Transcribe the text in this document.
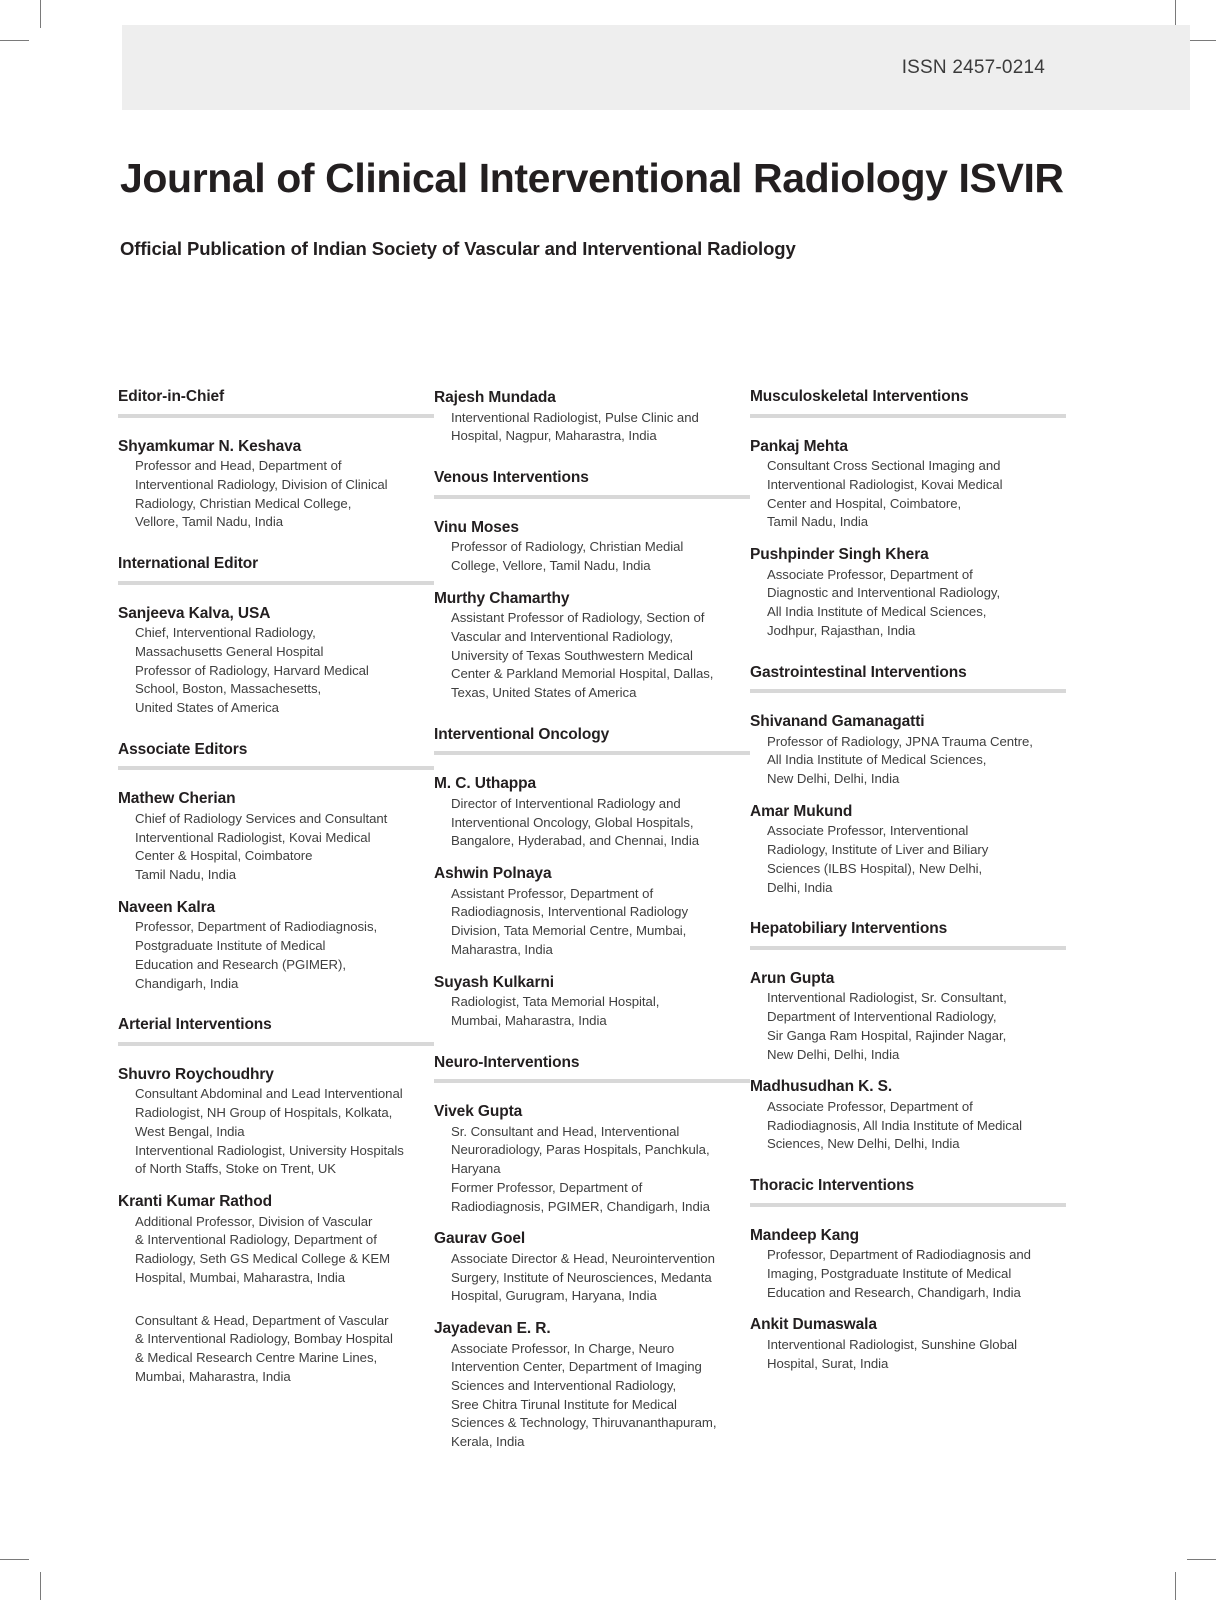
ISSN 2457-0214
Journal of Clinical Interventional Radiology ISVIR

Official Publication of Indian Society of Vascular and Interventional Radiology

Editor-in-Chief
Shyamkumar N. Keshava
Professor and Head, Department of
Interventional Radiology, Division of Clinical
Radiology, Christian Medical College,
Vellore, Tamil Nadu, India
International Editor
Sanjeeva Kalva, USA
Chief, Interventional Radiology,
Massachusetts General Hospital
Professor of Radiology, Harvard Medical
School, Boston, Massachesetts,
United States of America
Associate Editors
Mathew Cherian
Chief of Radiology Services and Consultant
Interventional Radiologist, Kovai Medical
Center & Hospital, Coimbatore
Tamil Nadu, India
Naveen Kalra
Professor, Department of Radiodiagnosis,
Postgraduate Institute of Medical
Education and Research (PGIMER),
Chandigarh, India
Arterial Interventions
Shuvro Roychoudhry
Consultant Abdominal and Lead Interventional
Radiologist, NH Group of Hospitals, Kolkata,
West Bengal, India
Interventional Radiologist, University Hospitals
of North Staffs, Stoke on Trent, UK
Kranti Kumar Rathod
Additional Professor, Division of Vascular
& Interventional Radiology, Department of
Radiology, Seth GS Medical College & KEM
Hospital, Mumbai, Maharastra, India
Consultant & Head, Department of Vascular
& Interventional Radiology, Bombay Hospital
& Medical Research Centre Marine Lines,
Mumbai, Maharastra, India
Rajesh Mundada
Interventional Radiologist, Pulse Clinic and
Hospital, Nagpur, Maharastra, India
Venous Interventions
Vinu Moses
Professor of Radiology, Christian Medial
College, Vellore, Tamil Nadu, India
Murthy Chamarthy
Assistant Professor of Radiology, Section of
Vascular and Interventional Radiology,
University of Texas Southwestern Medical
Center & Parkland Memorial Hospital, Dallas,
Texas, United States of America
Interventional Oncology
M. C. Uthappa
Director of Interventional Radiology and
Interventional Oncology, Global Hospitals,
Bangalore, Hyderabad, and Chennai, India
Ashwin Polnaya
Assistant Professor, Department of
Radiodiagnosis, Interventional Radiology
Division, Tata Memorial Centre, Mumbai,
Maharastra, India
Suyash Kulkarni
Radiologist, Tata Memorial Hospital,
Mumbai, Maharastra, India
Neuro-Interventions
Vivek Gupta
Sr. Consultant and Head, Interventional
Neuroradiology, Paras Hospitals, Panchkula,
Haryana
Former Professor, Department of
Radiodiagnosis, PGIMER, Chandigarh, India
Gaurav Goel
Associate Director & Head, Neurointervention
Surgery, Institute of Neurosciences, Medanta
Hospital, Gurugram, Haryana, India
Jayadevan E. R.
Associate Professor, In Charge, Neuro
Intervention Center, Department of Imaging
Sciences and Interventional Radiology,
Sree Chitra Tirunal Institute for Medical
Sciences & Technology, Thiruvananthapuram,
Kerala, India
Musculoskeletal Interventions
Pankaj Mehta
Consultant Cross Sectional Imaging and
Interventional Radiologist, Kovai Medical
Center and Hospital, Coimbatore,
Tamil Nadu, India
Pushpinder Singh Khera
Associate Professor, Department of
Diagnostic and Interventional Radiology,
All India Institute of Medical Sciences,
Jodhpur, Rajasthan, India
Gastrointestinal Interventions
Shivanand Gamanagatti
Professor of Radiology, JPNA Trauma Centre,
All India Institute of Medical Sciences,
New Delhi, Delhi, India
Amar Mukund
Associate Professor, Interventional
Radiology, Institute of Liver and Biliary
Sciences (ILBS Hospital), New Delhi,
Delhi, India
Hepatobiliary Interventions
Arun Gupta
Interventional Radiologist, Sr. Consultant,
Department of Interventional Radiology,
Sir Ganga Ram Hospital, Rajinder Nagar,
New Delhi, Delhi, India
Madhusudhan K. S.
Associate Professor, Department of
Radiodiagnosis, All India Institute of Medical
Sciences, New Delhi, Delhi, India
Thoracic Interventions
Mandeep Kang
Professor, Department of Radiodiagnosis and
Imaging, Postgraduate Institute of Medical
Education and Research, Chandigarh, India
Ankit Dumaswala
Interventional Radiologist, Sunshine Global
Hospital, Surat, India
